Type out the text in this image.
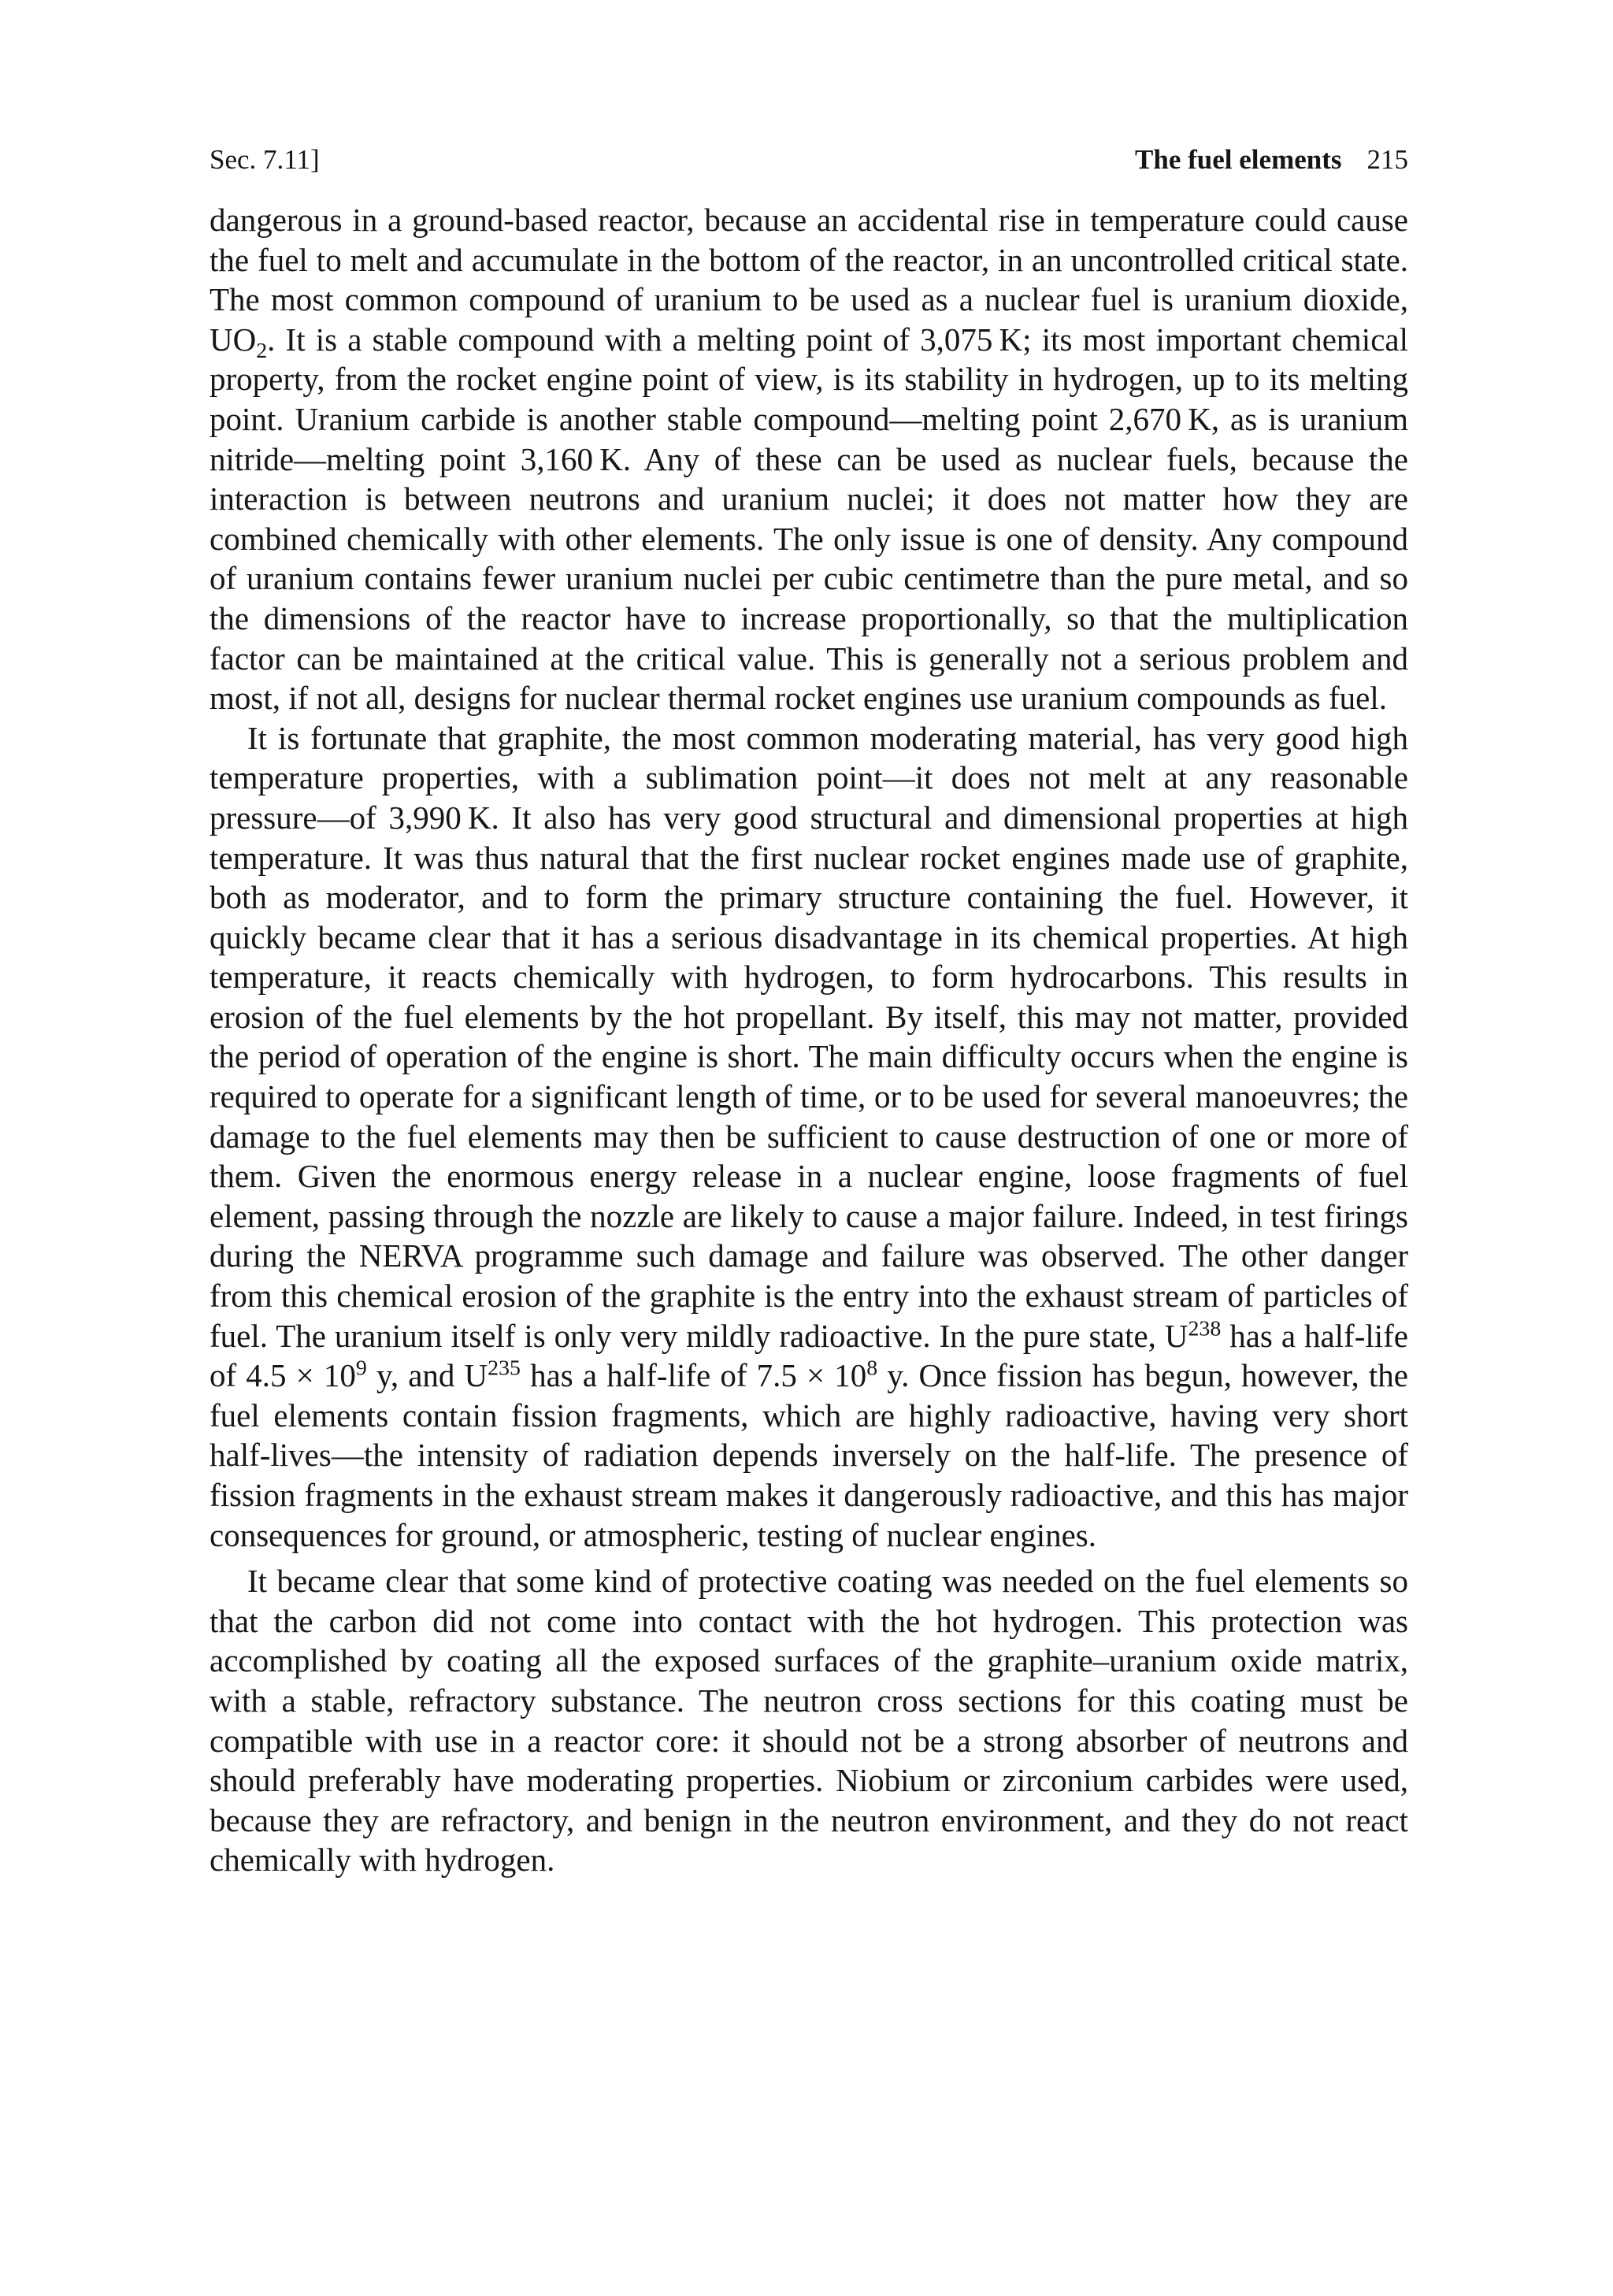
Sec. 7.11]	The fuel elements 215

dangerous in a ground-based reactor, because an accidental rise in temperature could cause the fuel to melt and accumulate in the bottom of the reactor, in an uncontrolled critical state. The most common compound of uranium to be used as a nuclear fuel is uranium dioxide, $UO_2$. It is a stable compound with a melting point of 3,075 K; its most important chemical property, from the rocket engine point of view, is its stability in hydrogen, up to its melting point. Uranium carbide is another stable compound—melting point 2,670 K, as is uranium nitride—melting point 3,160 K. Any of these can be used as nuclear fuels, because the interaction is between neutrons and uranium nuclei; it does not matter how they are combined chemically with other elements. The only issue is one of density. Any compound of uranium contains fewer uranium nuclei per cubic centimetre than the pure metal, and so the dimensions of the reactor have to increase proportionally, so that the multiplication factor can be maintained at the critical value. This is generally not a serious problem and most, if not all, designs for nuclear thermal rocket engines use uranium compounds as fuel.

It is fortunate that graphite, the most common moderating material, has very good high temperature properties, with a sublimation point—it does not melt at any reasonable pressure—of 3,990 K. It also has very good structural and dimensional properties at high temperature. It was thus natural that the first nuclear rocket engines made use of graphite, both as moderator, and to form the primary structure containing the fuel. However, it quickly became clear that it has a serious disadvantage in its chemical properties. At high temperature, it reacts chemically with hydrogen, to form hydrocarbons. This results in erosion of the fuel elements by the hot propellant. By itself, this may not matter, provided the period of operation of the engine is short. The main difficulty occurs when the engine is required to operate for a significant length of time, or to be used for several manoeuvres; the damage to the fuel elements may then be sufficient to cause destruction of one or more of them. Given the enormous energy release in a nuclear engine, loose fragments of fuel element, passing through the nozzle are likely to cause a major failure. Indeed, in test firings during the NERVA programme such damage and failure was observed. The other danger from this chemical erosion of the graphite is the entry into the exhaust stream of particles of fuel. The uranium itself is only very mildly radioactive. In the pure state, $U^{238}$ has a half-life of $4.5 \times 10^9$ y, and $U^{235}$ has a half-life of $7.5 \times 10^8$ y. Once fission has begun, however, the fuel elements contain fission fragments, which are highly radioactive, having very short half-lives—the intensity of radiation depends inversely on the half-life. The presence of fission fragments in the exhaust stream makes it dangerously radioactive, and this has major consequences for ground, or atmospheric, testing of nuclear engines.

It became clear that some kind of protective coating was needed on the fuel elements so that the carbon did not come into contact with the hot hydrogen. This protection was accomplished by coating all the exposed surfaces of the graphite–uranium oxide matrix, with a stable, refractory substance. The neutron cross sections for this coating must be compatible with use in a reactor core: it should not be a strong absorber of neutrons and should preferably have moderating properties. Niobium or zirconium carbides were used, because they are refractory, and benign in the neutron environment, and they do not react chemically with hydrogen.
